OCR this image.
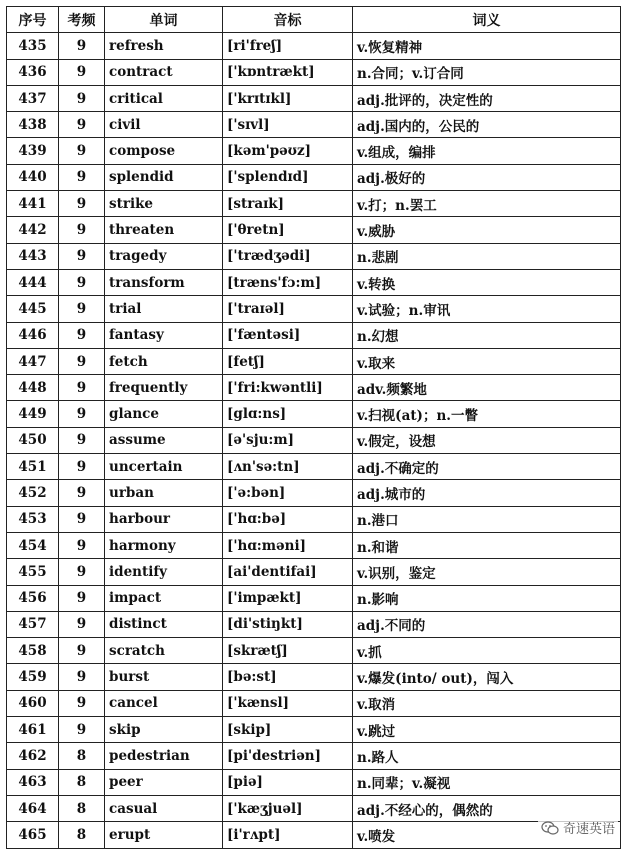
序号	考频	单词	音标	词义
435	9	refresh	[ri'freʃ]	v.恢复精神
436	9	contract	['kɒntrækt]	n.合同；v.订合同
437	9	critical	['krɪtɪkl]	adj.批评的，决定性的
438	9	civil	['sɪvl]	adj.国内的，公民的
439	9	compose	[kəm'pəʊz]	v.组成，编排
440	9	splendid	['splendɪd]	adj.极好的
441	9	strike	[straɪk]	v.打；n.罢工
442	9	threaten	['θretn]	v.威胁
443	9	tragedy	['trædʒədi]	n.悲剧
444	9	transform	[træns'fɔ:m]	v.转换
445	9	trial	['traɪəl]	v.试验；n.审讯
446	9	fantasy	['fæntəsi]	n.幻想
447	9	fetch	[fetʃ]	v.取来
448	9	frequently	['fri:kwəntli]	adv.频繁地
449	9	glance	[glɑ:ns]	v.扫视(at)；n.一瞥
450	9	assume	[ə'sju:m]	v.假定，设想
451	9	uncertain	[ʌn'sə:tn]	adj.不确定的
452	9	urban	['ə:bən]	adj.城市的
453	9	harbour	['hɑ:bə]	n.港口
454	9	harmony	['hɑ:məni]	n.和谐
455	9	identify	[ai'dentifai]	v.识别，鉴定
456	9	impact	['impækt]	n.影响
457	9	distinct	[di'stiŋkt]	adj.不同的
458	9	scratch	[skrætʃ]	v.抓
459	9	burst	[bə:st]	v.爆发(into/ out)，闯入
460	9	cancel	['kænsl]	v.取消
461	9	skip	[skip]	v.跳过
462	8	pedestrian	[pi'destriən]	n.路人
463	8	peer	[piə]	n.同辈；v.凝视
464	8	casual	['kæʒjuəl]	adj.不经心的，偶然的
465	8	erupt	[i'rʌpt]	v.喷发	奇速英语
